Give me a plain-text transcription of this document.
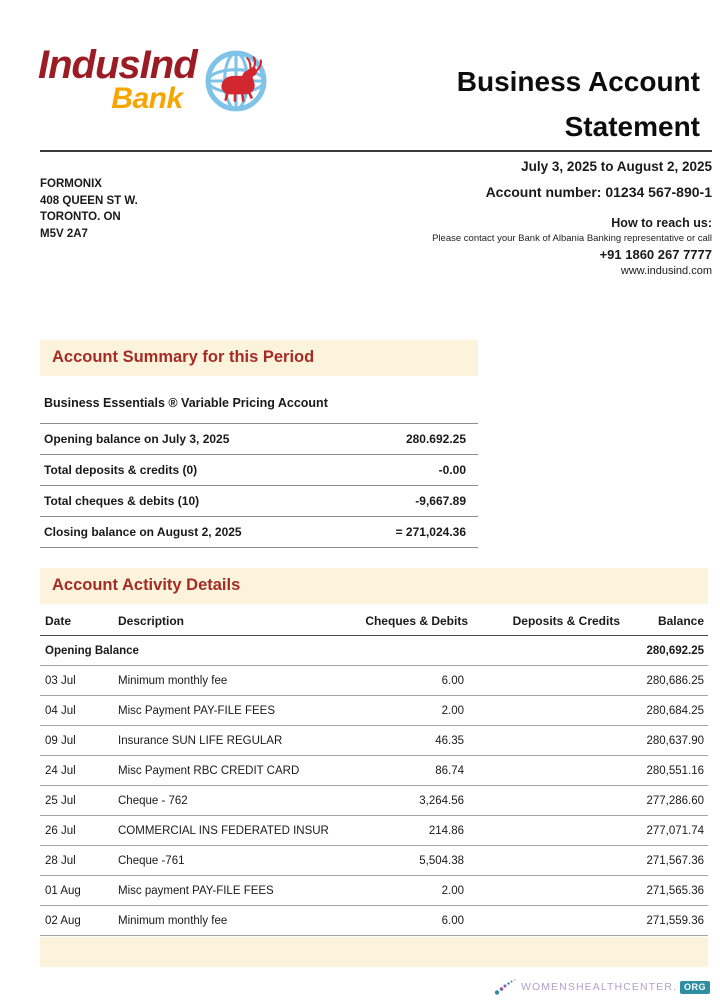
IndusInd
Bank
Business Account
Statement
FORMONIX
408 QUEEN ST W.
TORONTO. ON
M5V 2A7
July 3, 2025 to August 2, 2025
Account number: 01234 567-890-1
How to reach us:
Please contact your Bank of Albania Banking representative or call
+91 1860 267 7777
www.indusind.com
Account Summary for this Period
Business Essentials ® Variable Pricing Account
Opening balance on July 3, 2025	280.692.25
Total deposits & credits (0)	-0.00
Total cheques & debits (10)	-9,667.89
Closing balance on August 2, 2025	= 271,024.36
Account Activity Details
Date	Description	Cheques & Debits	Deposits & Credits	Balance
Opening Balance				280,692.25
03 Jul	Minimum monthly fee	6.00		280,686.25
04 Jul	Misc Payment PAY-FILE FEES	2.00		280,684.25
09 Jul	Insurance SUN LIFE REGULAR	46.35		280,637.90
24 Jul	Misc Payment RBC CREDIT CARD	86.74		280,551.16
25 Jul	Cheque - 762	3,264.56		277,286.60
26 Jul	COMMERCIAL INS FEDERATED INSUR	214.86		277,071.74
28 Jul	Cheque -761	5,504.38		271,567.36
01 Aug	Misc payment PAY-FILE FEES	2.00		271,565.36
02 Aug	Minimum monthly fee	6.00		271,559.36
WOMENSHEALTHCENTER. ORG
